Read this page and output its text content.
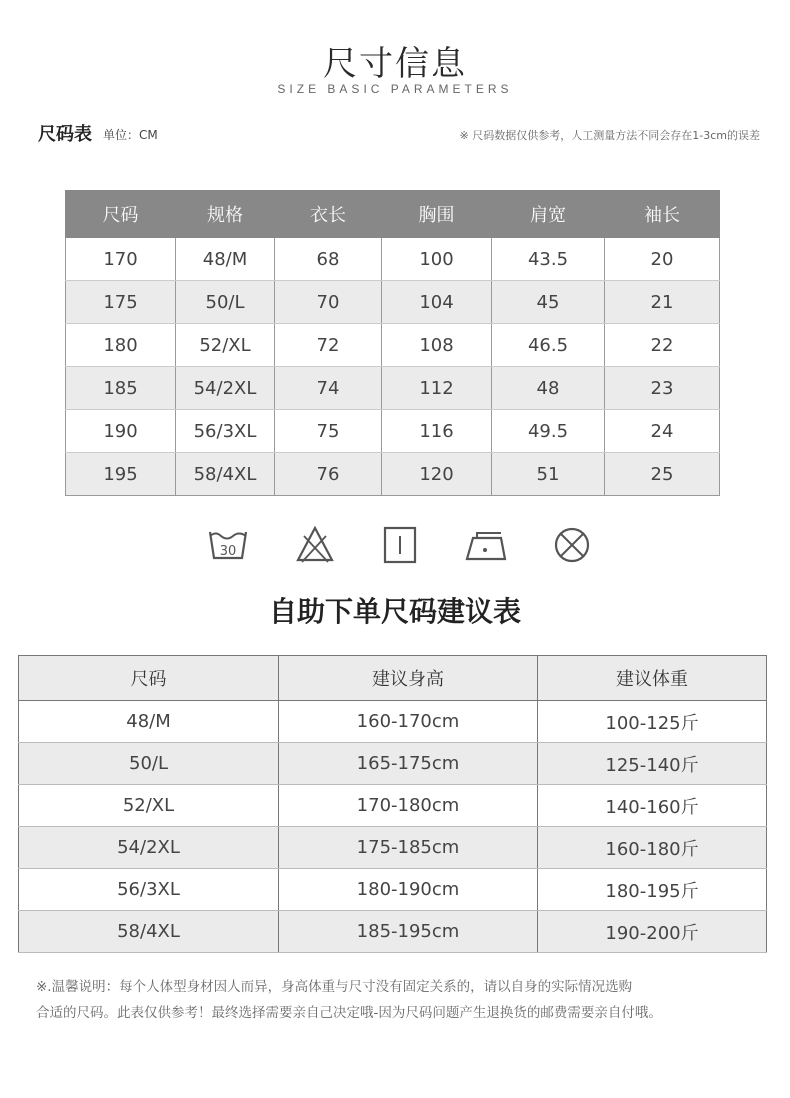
尺寸信息
SIZE BASIC PARAMETERS
尺码表 单位：CM	※ 尺码数据仅供参考，人工测量方法不同会存在1-3cm的误差
尺码	规格	衣长	胸围	肩宽	袖长
170	48/M	68	100	43.5	20
175	50/L	70	104	45	21
180	52/XL	72	108	46.5	22
185	54/2XL	74	112	48	23
190	56/3XL	75	116	49.5	24
195	58/4XL	76	120	51	25
30
自助下单尺码建议表
尺码	建议身高	建议体重
48/M	160-170cm	100-125斤
50/L	165-175cm	125-140斤
52/XL	170-180cm	140-160斤
54/2XL	175-185cm	160-180斤
56/3XL	180-190cm	180-195斤
58/4XL	185-195cm	190-200斤
※.温馨说明：每个人体型身材因人而异，身高体重与尺寸没有固定关系的，请以自身的实际情况选购
合适的尺码。此表仅供参考！最终选择需要亲自己决定哦-因为尺码问题产生退换货的邮费需要亲自付哦。
